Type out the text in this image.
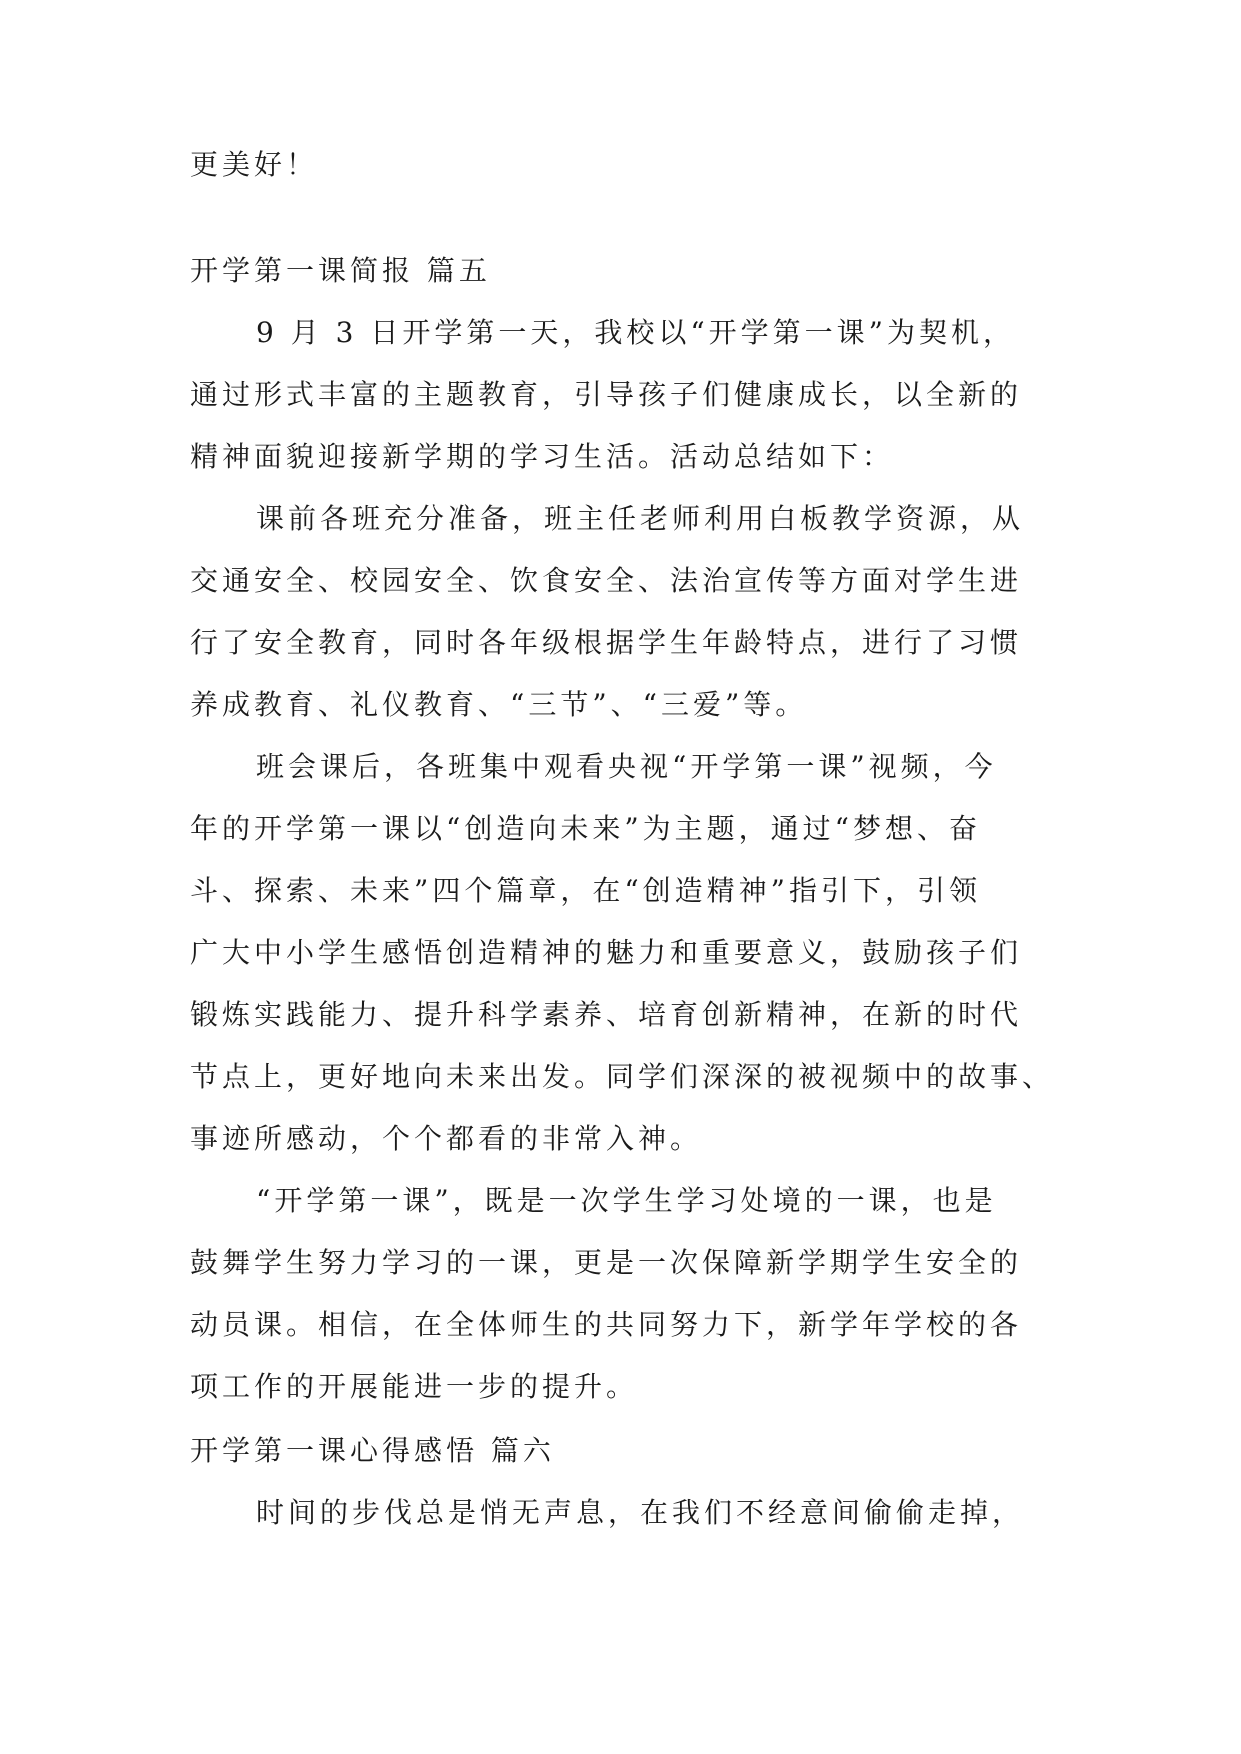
更美好！
开学第一课简报 篇五
9 月 3 日开学第一天，我校以“开学第一课”为契机，
通过形式丰富的主题教育，引导孩子们健康成长，以全新的
精神面貌迎接新学期的学习生活。活动总结如下：
课前各班充分准备，班主任老师利用白板教学资源，从
交通安全、校园安全、饮食安全、法治宣传等方面对学生进
行了安全教育，同时各年级根据学生年龄特点，进行了习惯
养成教育、礼仪教育、“三节”、“三爱”等。
班会课后，各班集中观看央视“开学第一课”视频，今
年的开学第一课以“创造向未来”为主题，通过“梦想、奋
斗、探索、未来”四个篇章，在“创造精神”指引下，引领
广大中小学生感悟创造精神的魅力和重要意义，鼓励孩子们
锻炼实践能力、提升科学素养、培育创新精神，在新的时代
节点上，更好地向未来出发。同学们深深的被视频中的故事、
事迹所感动，个个都看的非常入神。
“开学第一课”，既是一次学生学习处境的一课，也是
鼓舞学生努力学习的一课，更是一次保障新学期学生安全的
动员课。相信，在全体师生的共同努力下，新学年学校的各
项工作的开展能进一步的提升。
开学第一课心得感悟 篇六
时间的步伐总是悄无声息，在我们不经意间偷偷走掉，
